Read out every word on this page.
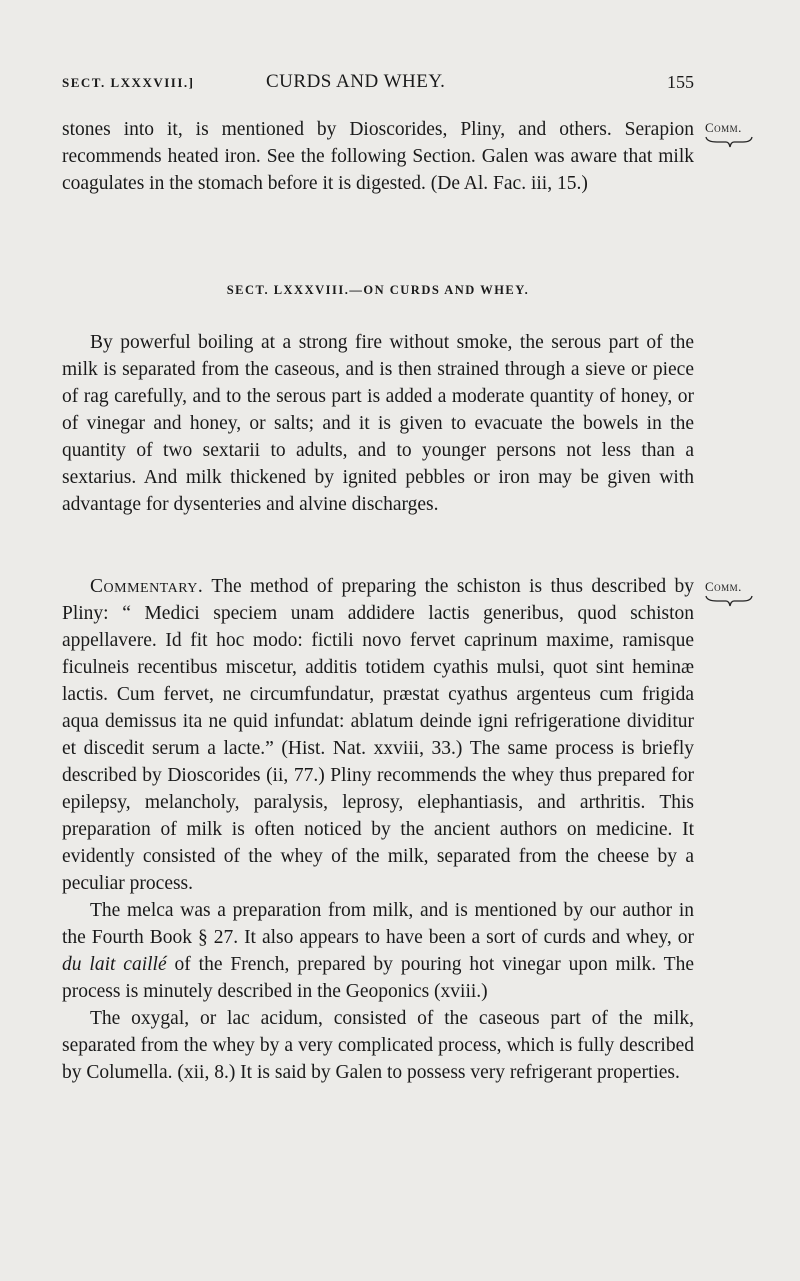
SECT. LXXXVIII.]	CURDS AND WHEY.	155
Comm.
Comm.

stones into it, is mentioned by Dioscorides, Pliny, and others. Serapion recommends heated iron. See the following Section. Galen was aware that milk coagulates in the stomach before it is digested. (De Al. Fac. iii, 15.)

SECT. LXXXVIII.—ON CURDS AND WHEY.

By powerful boiling at a strong fire without smoke, the serous part of the milk is separated from the caseous, and is then strained through a sieve or piece of rag carefully, and to the serous part is added a moderate quantity of honey, or of vinegar and honey, or salts; and it is given to evacuate the bowels in the quantity of two sextarii to adults, and to younger persons not less than a sextarius. And milk thickened by ignited pebbles or iron may be given with advantage for dysenteries and alvine discharges.

Commentary. The method of preparing the schiston is thus described by Pliny: “ Medici speciem unam addidere lactis generibus, quod schiston appellavere. Id fit hoc modo: fictili novo fervet caprinum maxime, ramisque ficulneis recentibus miscetur, additis totidem cyathis mulsi, quot sint heminæ lactis. Cum fervet, ne circumfundatur, præstat cyathus argenteus cum frigida aqua demissus ita ne quid infundat: ablatum deinde igni refrigeratione dividitur et discedit serum a lacte.” (Hist. Nat. xxviii, 33.) The same process is briefly described by Dioscorides (ii, 77.) Pliny recommends the whey thus prepared for epilepsy, melancholy, paralysis, leprosy, elephantiasis, and arthritis. This preparation of milk is often noticed by the ancient authors on medicine. It evidently consisted of the whey of the milk, separated from the cheese by a peculiar process.

The melca was a preparation from milk, and is mentioned by our author in the Fourth Book § 27. It also appears to have been a sort of curds and whey, or du lait caillé of the French, prepared by pouring hot vinegar upon milk. The process is minutely described in the Geoponics (xviii.)

The oxygal, or lac acidum, consisted of the caseous part of the milk, separated from the whey by a very complicated process, which is fully described by Columella. (xii, 8.) It is said by Galen to possess very refrigerant properties.
